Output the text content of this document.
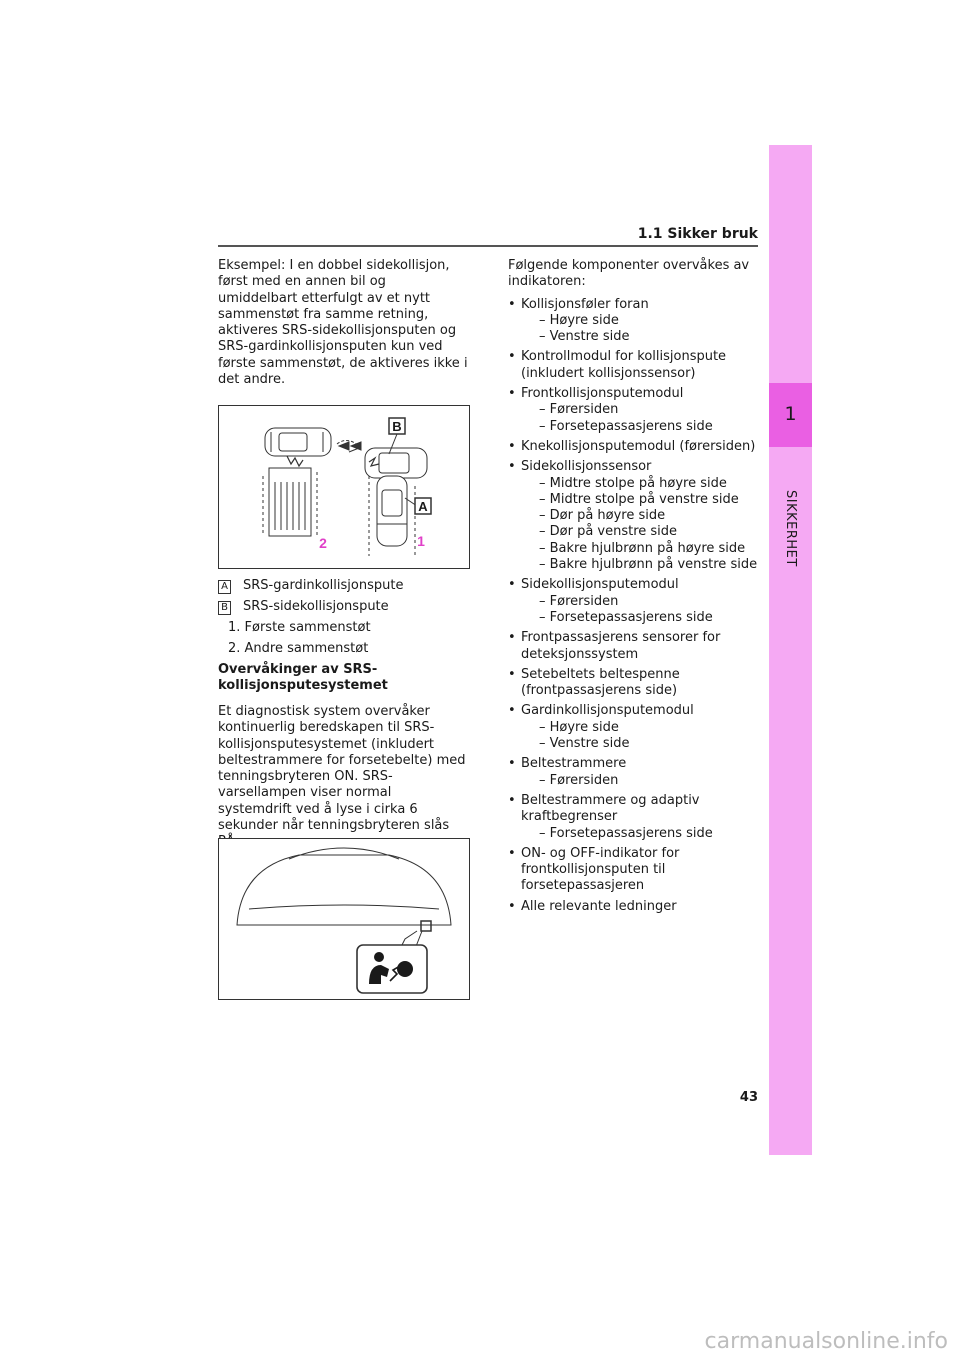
1
SIKKERHET
1.1 Sikker bruk

Eksempel: I en dobbel sidekollisjon, først med en annen bil og umiddelbart etterfulgt av et nytt sammenstøt fra samme retning, aktiveres SRS-sidekollisjonsputen og SRS-gardinkollisjonsputen kun ved første sammenstøt, de aktiveres ikke i det andre.

B
A
2	1
A SRS-gardinkollisjonspute
B SRS-sidekollisjonspute
1. Første sammenstøt
2. Andre sammenstøt
Overvåkinger av SRS-kollisjonsputesystemet
Et diagnostisk system overvåker kontinuerlig beredskapen til SRS-kollisjonsputesystemet (inkludert beltestrammere for forsetebelte) med tenningsbryteren ON. SRS-varsellampen viser normal systemdrift ved å lyse i cirka 6 sekunder når tenningsbryteren slås

Følgende komponenter overvåkes av indikatoren:

• Kollisjonsføler foran
– Høyre side
– Venstre side
• Kontrollmodul for kollisjonspute (inkludert kollisjonssensor)
• Frontkollisjonsputemodul
– Førersiden
– Forsetepassasjerens side
• Knekollisjonsputemodul (førersiden)
• Sidekollisjonssensor
– Midtre stolpe på høyre side
– Midtre stolpe på venstre side
– Dør på høyre side
– Dør på venstre side
– Bakre hjulbrønn på høyre side
– Bakre hjulbrønn på venstre side
• Sidekollisjonsputemodul
– Førersiden
– Forsetepassasjerens side
• Frontpassasjerens sensorer for deteksjonssystem
• Setebeltets beltespenne (frontpassasjerens side)
• Gardinkollisjonsputemodul
– Høyre side
– Venstre side
• Beltestrammere
– Førersiden
• Beltestrammere og adaptiv kraftbegrenser
– Forsetepassasjerens side
• ON- og OFF-indikator for frontkollisjonsputen til forsetepassasjeren
• Alle relevante ledninger
43
carmanualsonline.info
